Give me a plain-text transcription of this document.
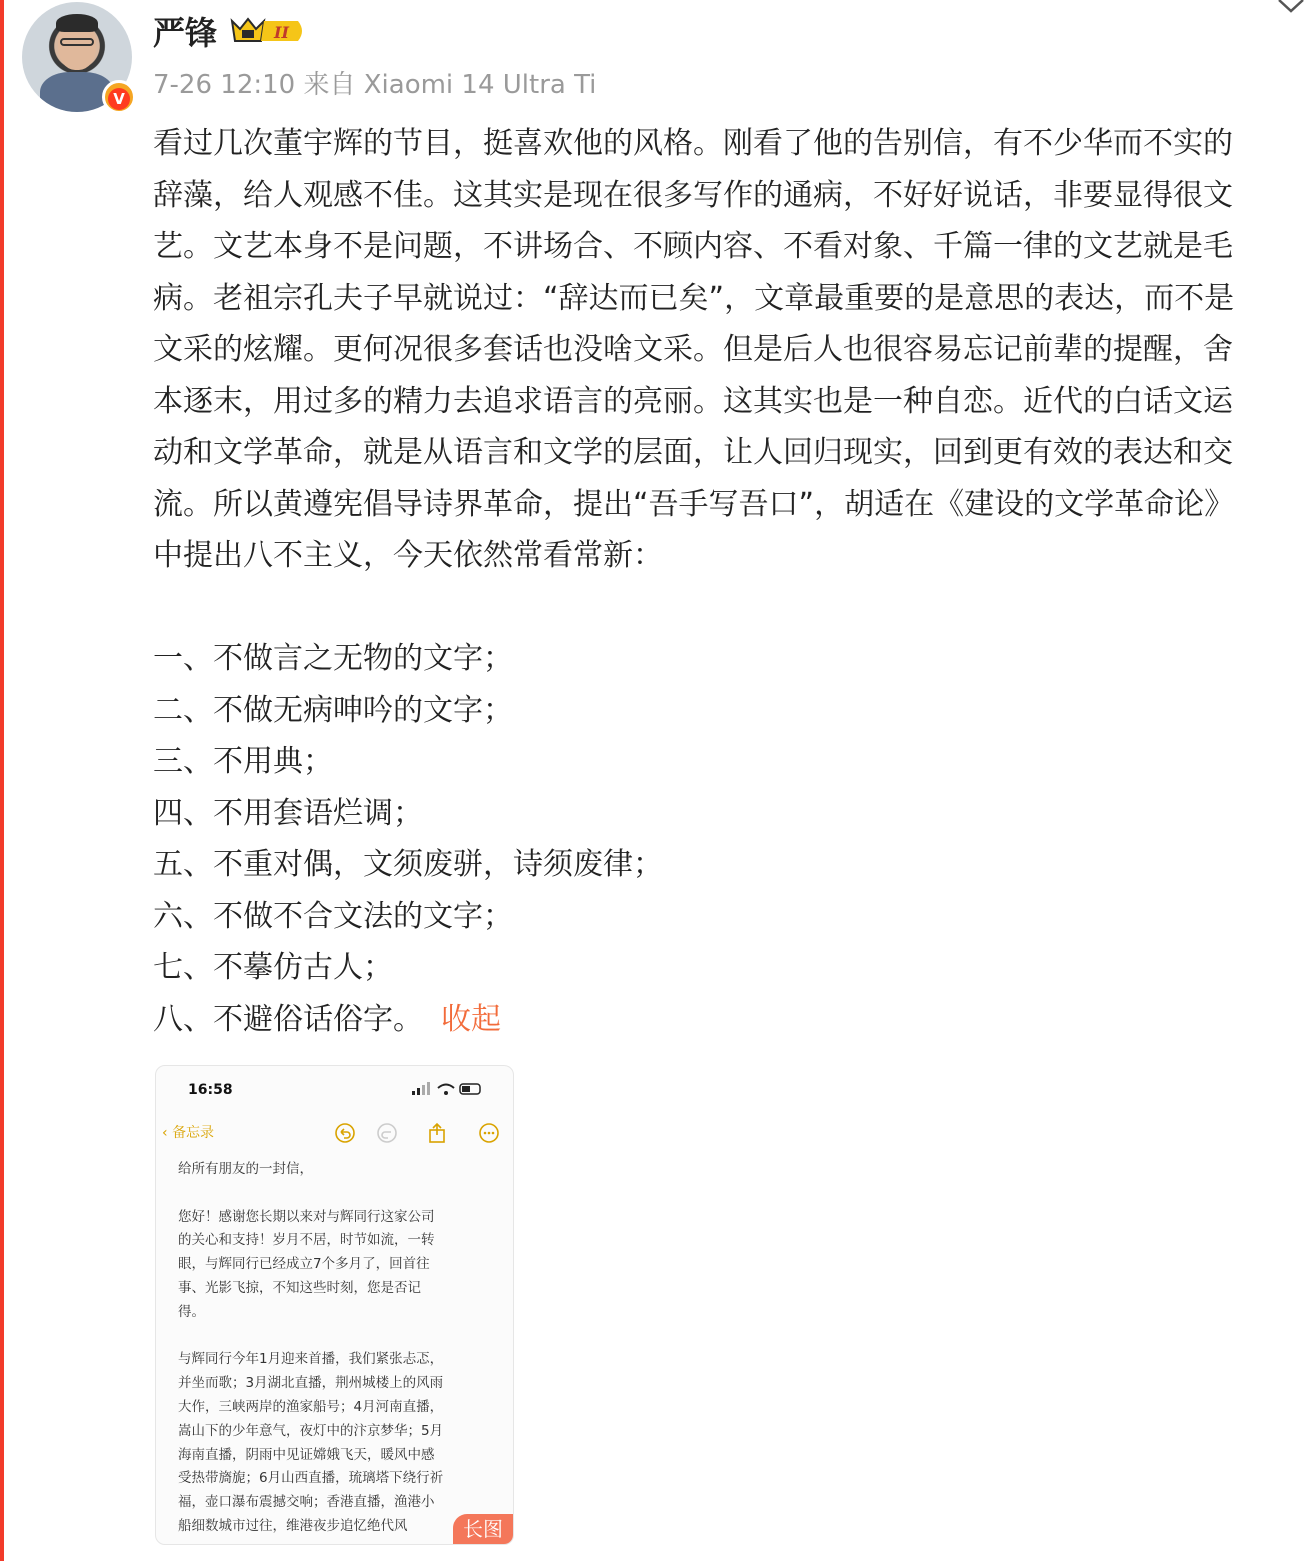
V
严锋	II
7-26 12:10 来自 Xiaomi 14 Ultra Ti
看过几次董宇辉的节目，挺喜欢他的风格。刚看了他的告别信，有不少华而不实的
辞藻，给人观感不佳。这其实是现在很多写作的通病，不好好说话，非要显得很文
艺。文艺本身不是问题，不讲场合、不顾内容、不看对象、千篇一律的文艺就是毛
病。老祖宗孔夫子早就说过：“辞达而已矣”，文章最重要的是意思的表达，而不是
文采的炫耀。更何况很多套话也没啥文采。但是后人也很容易忘记前辈的提醒，舍
本逐末，用过多的精力去追求语言的亮丽。这其实也是一种自恋。近代的白话文运
动和文学革命，就是从语言和文学的层面，让人回归现实，回到更有效的表达和交
流。所以黄遵宪倡导诗界革命，提出“吾手写吾口”，胡适在《建设的文学革命论》
中提出八不主义，今天依然常看常新：
一、不做言之无物的文字；
二、不做无病呻吟的文字；
三、不用典；
四、不用套语烂调；
五、不重对偶，文须废骈，诗须废律；
六、不做不合文法的文字；
七、不摹仿古人；
八、不避俗话俗字。 收起
16:58
‹ 备忘录

给所有朋友的一封信，

您好！感谢您长期以来对与辉同行这家公司

的关心和支持！岁月不居，时节如流，一转

眼，与辉同行已经成立7个多月了，回首往

事、光影飞掠，不知这些时刻，您是否记

得。

与辉同行今年1月迎来首播，我们紧张忐忑，

并坐而歌；3月湖北直播，荆州城楼上的风雨

大作，三峡两岸的渔家船号；4月河南直播，

嵩山下的少年意气，夜灯中的汴京梦华；5月

海南直播，阴雨中见证嫦娥飞天，暖风中感

受热带旖旎；6月山西直播，琉璃塔下绕行祈

福，壶口瀑布震撼交响；香港直播，渔港小

船细数城市过往，维港夜步追忆绝代风	长图
